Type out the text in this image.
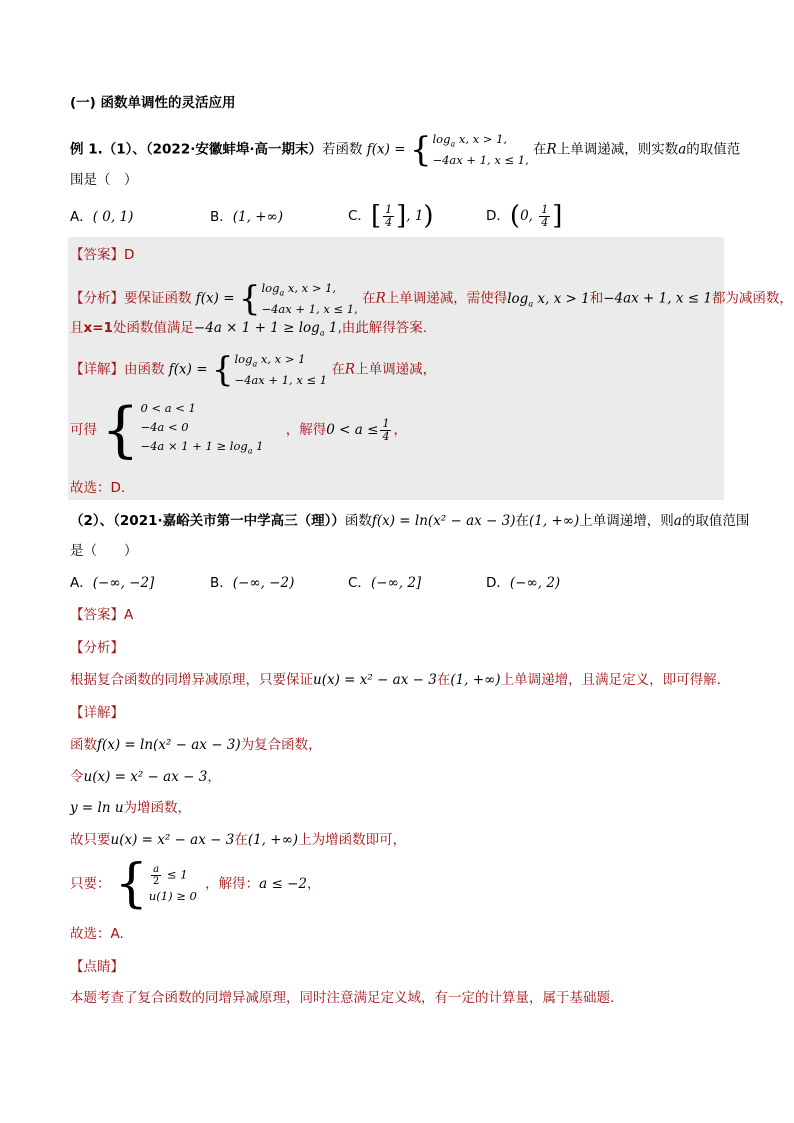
(一) 函数单调性的灵活应用
例 1.（1）、（2022·安徽蚌埠·高一期末）若函数 f(x) = { $\log_a x$, x > 1,
−4ax + 1, x ≤ 1,
在R上单调递减，则实数a的取值范
围是（　）
A．( 0, 1)	B．(1, +∞)	C．[ $\frac{1}{4}$ ], 1)	D．(0, $\frac{1}{4}$ ]
【答案】D
【分析】要保证函数 f(x) = { $\log_a x$, x > 1,
−4ax + 1, x ≤ 1,
在R上单调递减，需使得$\log_a x$, x > 1和−4ax + 1, x ≤ 1都为减函数，
且x=1处函数值满足$-4a \times 1 + 1 \ge \log_a 1$,由此解得答案.
【详解】由函数 f(x) = { $\log_a x$, x > 1
−4ax + 1, x ≤ 1
在R上单调递减，
可得 { 0 < a < 1
−4a < 0
$-4a \times 1 + 1 \ge \log_a 1$
，解得$0 < a \le \frac{1}{4}$ ，
故选：D.
（2）、（2021·嘉峪关市第一中学高三（理））函数f(x) = ln(x² − ax − 3)在(1, +∞)上单调递增，则a的取值范围
是（　　）
A．(−∞, −2]	B．(−∞, −2)	C．(−∞, 2]	D．(−∞, 2)
【答案】A
【分析】
根据复合函数的同增异减原理，只要保证u(x) = x² − ax − 3在(1, +∞)上单调递增，且满足定义，即可得解.
【详解】
函数f(x) = ln(x² − ax − 3)为复合函数，
令u(x) = x² − ax − 3，
y = ln u为增函数，
故只要u(x) = x² − ax − 3在(1, +∞)上为增函数即可，
只要： { $\frac{a}{2} \le 1$
u(1) ≥ 0
，解得：a ≤ −2，
故选：A.
【点睛】
本题考查了复合函数的同增异减原理，同时注意满足定义域，有一定的计算量，属于基础题.
